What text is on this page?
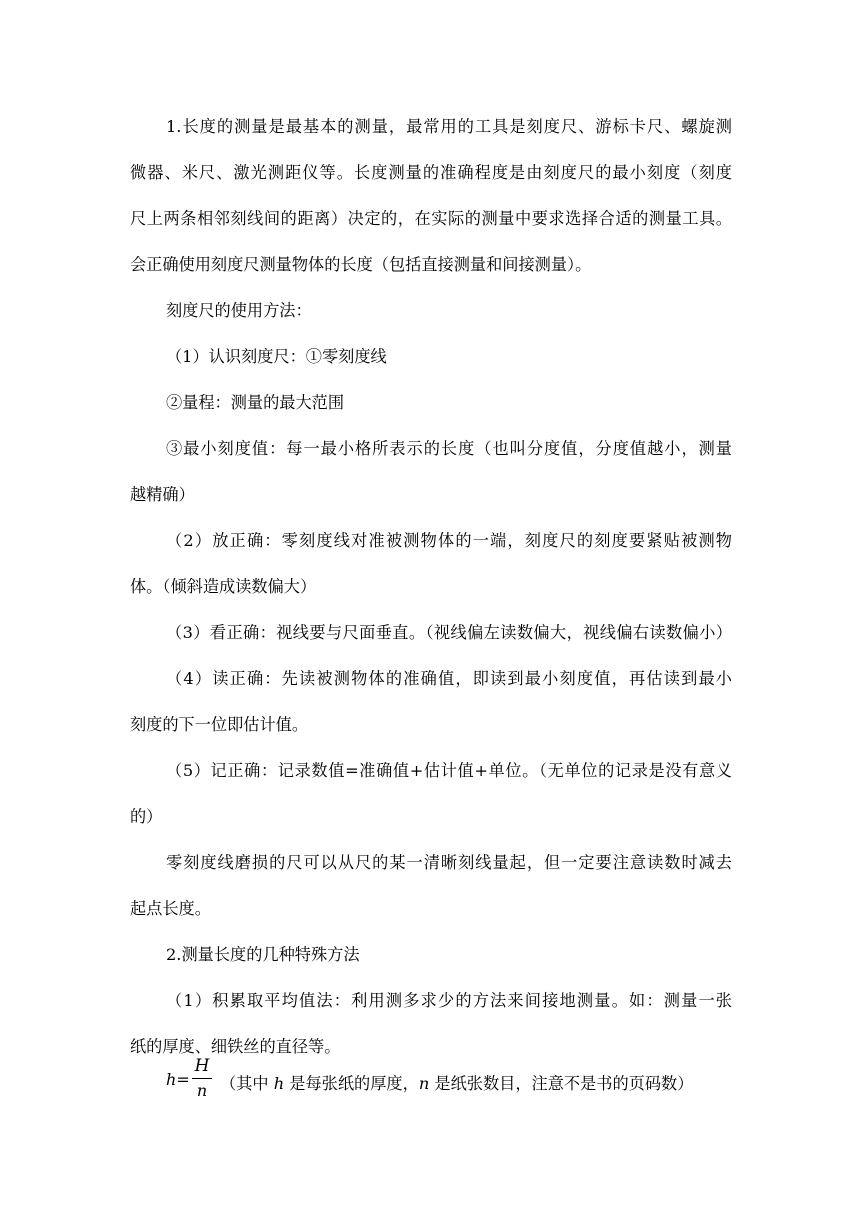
1.长度的测量是最基本的测量，最常用的工具是刻度尺、游标卡尺、螺旋测
微器、米尺、激光测距仪等。长度测量的准确程度是由刻度尺的最小刻度（刻度
尺上两条相邻刻线间的距离）决定的，在实际的测量中要求选择合适的测量工具。
会正确使用刻度尺测量物体的长度（包括直接测量和间接测量）。
刻度尺的使用方法：
（1）认识刻度尺：①零刻度线
②量程：测量的最大范围
③最小刻度值：每一最小格所表示的长度（也叫分度值，分度值越小，测量
越精确）
（2）放正确：零刻度线对准被测物体的一端，刻度尺的刻度要紧贴被测物
体。（倾斜造成读数偏大）
（3）看正确：视线要与尺面垂直。（视线偏左读数偏大，视线偏右读数偏小）
（4）读正确：先读被测物体的准确值，即读到最小刻度值，再估读到最小
刻度的下一位即估计值。
（5）记正确：记录数值=准确值+估计值+单位。（无单位的记录是没有意义
的）
零刻度线磨损的尺可以从尺的某一清晰刻线量起，但一定要注意读数时减去
起点长度。
2.测量长度的几种特殊方法
（1）积累取平均值法：利用测多求少的方法来间接地测量。如：测量一张
纸的厚度、细铁丝的直径等。
h=
H
n （其中 h 是每张纸的厚度，n 是纸张数目，注意不是书的页码数）
